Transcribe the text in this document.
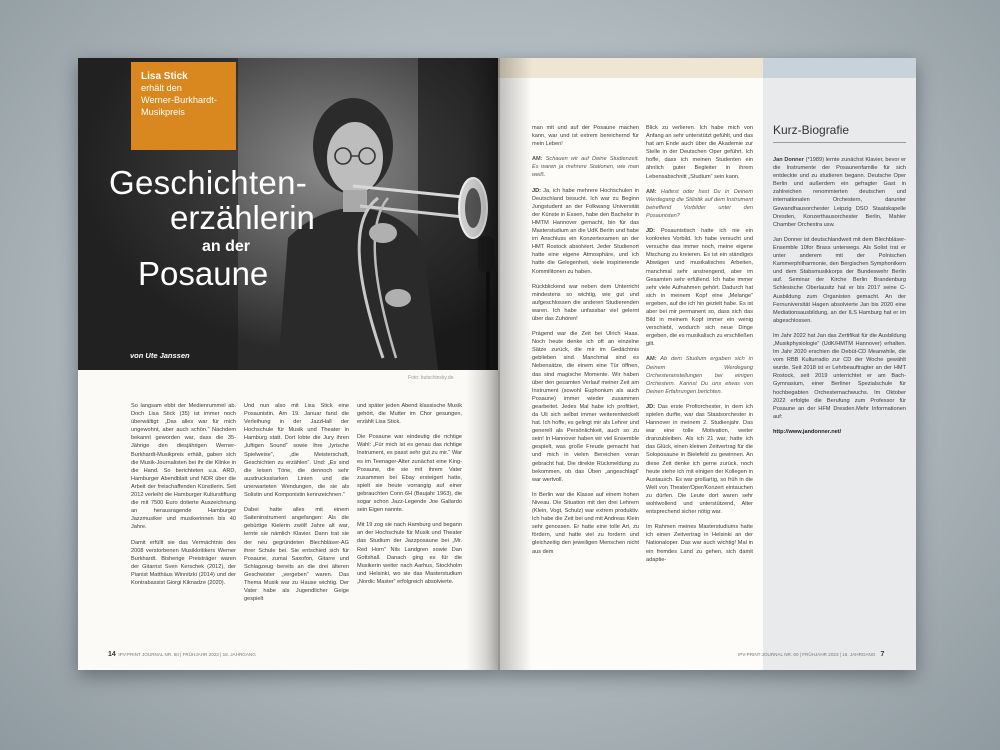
Lisa Stick
erhält den
Werner-Burkhardt-
Musikpreis
Geschichten-
erzählerin
an der
Posaune
von Ute Janssen
Foto: butschinsky.de

So langsam ebbt der Medienrummel ab. Doch Lisa Stick (35) ist immer noch überwältigt: „Das alles war für mich ungewohnt, aber auch schön.“ Nachdem bekannt geworden war, dass die 35-Jährige den diesjährigen Werner-Burkhardt-Musikpreis erhält, gaben sich die Musik-Journalisten bei ihr die Klinke in die Hand. So berichteten u.a. ARD, Hamburger Abendblatt und NDR über die Arbeit der freischaffenden Künstlerin. Seit 2012 verleiht die Hamburger Kulturstiftung die mit 7500 Euro dotierte Auszeichnung an herausragende Hamburger Jazzmusiker und musikerinnen bis 40 Jahre.

Damit erfüllt sie das Vermächtnis des 2008 verstorbenen Musikkritikers Werner Burkhardt. Bisherige Preisträger waren der Gitarrist Sven Kerschek (2012), der Pianist Matthäus Winnitzki (2014) und der Kontrabassist Giorgi Kiknadze (2020).

Und nun also mit Lisa Stick eine Posaunistin. Am 19. Januar fand die Verleihung in der JazzHall der Hochschule für Musik und Theater in Hamburg statt. Dort lobte die Jury ihren „luftigen Sound“ sowie ihre „lyrische Spielweise“, „die Meisterschaft, Geschichten zu erzählen“. Und: „Es sind die leisen Töne, die dennoch sehr ausdrucksstarken Linien und die unerwarteten Wendungen, die sie als Solistin und Komponistin kennzeichnen.“

Dabei hatte alles mit einem Saiteninstrument angefangen: Als die gebürtige Kielerin zwölf Jahre alt war, lernte sie nämlich Klavier. Dann trat sie der neu gegründeten Blechbläser-AG ihrer Schule bei. Sie entschied sich für Posaune, zumal Saxofon, Gitarre und Schlagzeug bereits an die drei älteren Geschwister „vergeben“ waren. Das Thema Musik war zu Hause wichtig. Der Vater habe als Jugendlicher Geige gespielt

und später jeden Abend klassische Musik gehört, die Mutter im Chor gesungen, erzählt Lisa Stick.

Die Posaune war eindeutig die richtige Wahl: „Für mich ist es genau das richtige Instrument, es passt sehr gut zu mir.“ War es im Teenager-Alter zunächst eine King-Posaune, die sie mit ihrem Vater zusammen bei Ebay ersteigert hatte, spielt sie heute vorrangig auf einer gebrauchten Conn 6H (Baujahr 1963), die sogar schon Jazz-Legende Joe Gallardo sein Eigen nannte.

Mit 19 zog sie nach Hamburg und begann an der Hochschule für Musik und Theater das Studium der Jazzposaune bei „Mr. Red Horn“ Nils Landgren sowie Dan Gottshall. Danach ging es für die Musikerin weiter nach Aarhus, Stockholm und Helsinki, wo sie das Masterstudium „Nordic Master“ erfolgreich absolvierte.

14 IPV-PRINT JOURNAL NR. 60 | FRÜHJAHR 2023 | 18. JAHRGANG

man mit und auf der Posaune machen kann, war und ist extrem bereichernd für mein Leben!

AM: Schauen wir auf Deine Studienzeit. Es waren ja mehrere Stationen, wie man weiß.

JD: Ja, ich habe mehrere Hochschulen in Deutschland besucht. Ich war zu Beginn Jungstudent an der Folkwang Universität der Künste in Essen, habe den Bachelor in HMTM Hannover gemacht, bin für das Masterstudium an die UdK Berlin und habe im Anschluss ein Konzertexamen an der HMT Rostock absolviert. Jeder Studienort hatte eine eigene Atmosphäre, und ich hatte die Gelegenheit, viele inspirierende Kommilitonen zu haben.

Rückblickend war neben dem Unterricht mindestens so wichtig, wie gut und aufgeschlossen die anderen Studierenden waren. Ich habe unfassbar viel gelernt über das Zuhören!

Prägend war die Zeit bei Ulrich Haas. Noch heute denke ich oft an einzelne Sätze zurück, die mir im Gedächtnis geblieben sind. Manchmal sind es Nebensätze, die einem eine Tür öffnen, das sind magische Momente. Wir haben über den gesamten Verlauf meiner Zeit am Instrument (sowohl Euphonium als auch Posaune) immer wieder zusammen gearbeitet. Jedes Mal habe ich profitiert, da Uli sich selbst immer weiterentwickelt hat. Ich hoffe, es gelingt mir als Lehrer und generell als Persönlichkeit, auch so zu sein! In Hannover haben wir viel Ensemble gespielt, was große Freude gemacht hat und mich in vielen Bereichen voran gebracht hat. Die direkte Rückmeldung zu bekommen, ob das Üben „angeschlagt“ war wertvoll.

In Berlin war die Klasse auf einem hohen Niveau. Die Situation mit den drei Lehrern (Klein, Vogt, Schulz) war extrem produktiv. Ich habe die Zeit bei und mit Andreas Klein sehr genossen. Er hatte eine tolle Art, zu fördern, und hatte viel zu fordern und gleichzeitig den jeweiligen Menschen nicht aus dem

Blick zu verlieren. Ich habe mich von Anfang an sehr unterstützt gefühlt, und das hat am Ende auch über die Akademie zur Stelle in der Deutschen Oper geführt. Ich hoffe, dass ich meinen Studenten ein ähnlich guter Begleiter in ihrem Lebensabschnitt „Studium“ sein kann.

AM: Hattest oder hast Du in Deinem Werdegang die Stilistik auf dem Instrument betreffend Vorbilder unter den Posaunisten?

JD: Posaunistisch hatte ich nie ein konkretes Vorbild. Ich habe versucht und versuche das immer noch, meine eigene Mischung zu kreieren. Es ist ein ständiges Abwägen und musikalisches Arbeiten, manchmal sehr anstrengend, aber im Gesamten sehr erfüllend. Ich habe immer sehr viele Aufnahmen gehört. Dadurch hat sich in meinem Kopf eine „Melange“ ergeben, auf die ich hin gezielt habe. Es ist aber bei mir permanent so, dass sich das Bild in meinem Kopf immer ein wenig verschiebt, wodurch sich neue Dinge ergeben, die es musikalisch zu erschließen gilt.

AM: Ab dem Studium ergaben sich in Deinem Werdegang Orchesteranstellungen bei einigen Orchestern. Kannst Du uns etwas von Deinen Erfahrungen berichten.

JD: Das erste Profiorchester, in dem ich spielen durfte, war das Staatsorchester in Hannover in meinem 2. Studienjahr. Das war eine tolle Motivation, weiter dranzubleiben. Als ich 21 war, hatte ich das Glück, einen kleinen Zeitvertrag für die Soloposaune in Bielefeld zu gewinnen. An diese Zeit denke ich gerne zurück, noch heute stehe ich mit einigen der Kollegen in Austausch. Es war großartig, so früh in die Welt von Theater/Oper/Konzert eintauchen zu dürfen. Die Leute dort waren sehr wohlwollend und unterstützend, Alter entsprechend sicher nötig war.

Im Rahmen meines Masterstudiums hatte ich einen Zeitvertrag in Helsinki an der Nationaloper. Das war auch wichtig! Mal in ein fremdes Land zu gehen, sich damit adaptie-

Kurz-Biografie

Jan Donner (*1989) lernte zunächst Klavier, bevor er die Instrumente der Posaunenfamilie für sich entdeckte und zu studieren begann. Deutsche Oper Berlin und außerdem ein gefragter Gast in zahlreichen renommierten deutschen und internationalen Orchestern, darunter Gewandhausorchester Leipzig DSO Staatskapelle Dresden, Konzerthausorchester Berlin, Mahler Chamber Orchestra usw.

Jan Donner ist deutschlandweit mit dem Blechbläser-Ensemble 10for Brass unterwegs. Als Solist trat er unter anderem mit der Polnischen Kammerphilharmonie, den Bergischen Symphonikern und dem Stabsmusikkorps der Bundeswehr Berlin auf. Seminar der Kirche Berlin Brandenburg Schlesische Oberlausitz hat er bis 2017 seine C-Ausbildung zum Organisten gemacht. An der Fernuniversität Hagen absolvierte Jan bis 2020 eine Mediationsausbildung, an der ILS Hamburg hat er im abgeschlossen.

Im Jahr 2022 hat Jan das Zertifikat für die Ausbildung „Musikphysiologie“ (UdK/HMTM Hannover) erhalten. Im Jahr 2020 erschien die Debüt-CD Meanwhile, die vom RBB Kulturradio zur CD der Woche gewählt wurde. Seit 2018 ist er Lehrbeauftragter an der HMT Rostock, seit 2019 unterrichtet er am Bach-Gymnasium, einer Berliner Spezialschule für hochbegabten Orchesternachwuchs. Im Oktober 2022 erfolgte die Berufung zum Professor für Posaune an der HFM Dresden.Mehr Informationen auf:

http://www.jandonner.net/

IPV-PRINT JOURNAL NR. 60 | FRÜHJAHR 2023 | 18. JAHRGANG 7
